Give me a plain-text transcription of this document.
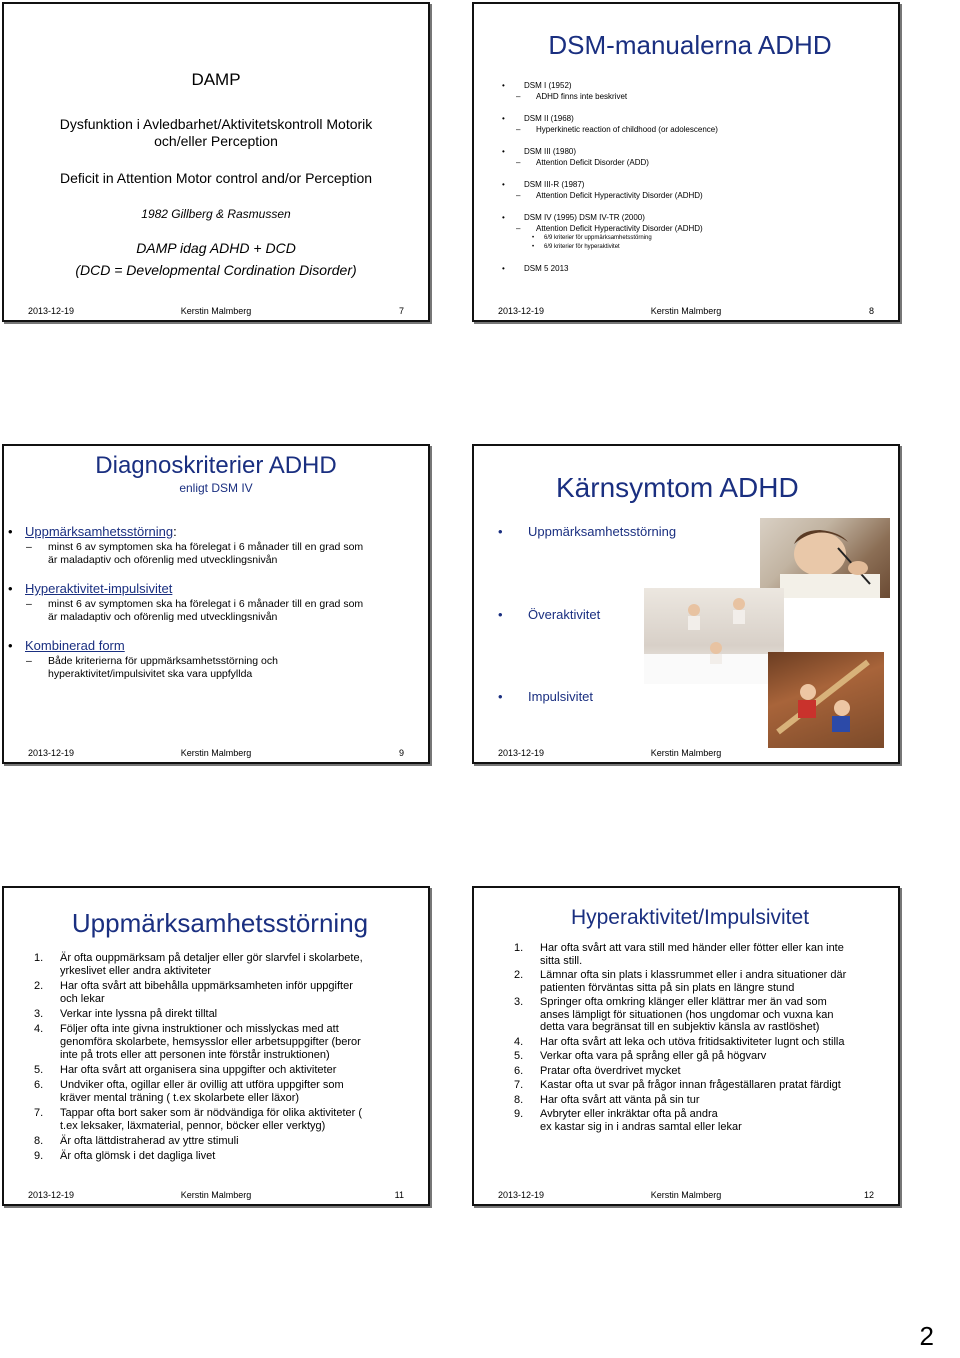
DAMP
Dysfunktion i Avledbarhet/Aktivitetskontroll Motorik
och/eller Perception
Deficit in Attention Motor control and/or Perception
1982 Gillberg & Rasmussen
DAMP idag ADHD + DCD
(DCD = Developmental Cordination Disorder)
2013-12-19	Kerstin Malmberg	7
DSM-manualerna ADHD
• DSM I (1952)
– ADHD finns inte beskrivet
• DSM II (1968)
– Hyperkinetic reaction of childhood (or adolescence)
• DSM III (1980)
– Attention Deficit Disorder (ADD)
• DSM III-R (1987)
– Attention Deficit Hyperactivity Disorder (ADHD)
• DSM IV (1995) DSM IV-TR (2000)
– Attention Deficit Hyperactivity Disorder (ADHD)
• 6/9 kriterier för uppmärksamhetsstörning
• 6/9 kriterier för hyperaktivitet
• DSM 5 2013
2013-12-19	Kerstin Malmberg	8
Diagnoskriterier ADHD
enligt DSM IV
• Uppmärksamhetsstörning:
– minst 6 av symptomen ska ha förelegat i 6 månader till en grad som
är maladaptiv och oförenlig med utvecklingsnivån
• Hyperaktivitet-impulsivitet
– minst 6 av symptomen ska ha förelegat i 6 månader till en grad som
är maladaptiv och oförenlig med utvecklingsnivån
• Kombinerad form
– Både kriterierna för uppmärksamhetsstörning och
hyperaktivitet/impulsivitet ska vara uppfyllda
2013-12-19	Kerstin Malmberg	9
Kärnsymtom ADHD
• Uppmärksamhetsstörning
• Överaktivitet
• Impulsivitet
2013-12-19	Kerstin Malmberg
Uppmärksamhetsstörning
1. Är ofta ouppmärksam på detaljer eller gör slarvfel i skolarbete,
yrkeslivet eller andra aktiviteter
2. Har ofta svårt att bibehålla uppmärksamheten inför uppgifter
och lekar
3. Verkar inte lyssna på direkt tilltal
4. Följer ofta inte givna instruktioner och misslyckas med att
genomföra skolarbete, hemsysslor eller arbetsuppgifter (beror
inte på trots eller att personen inte förstår instruktionen)
5. Har ofta svårt att organisera sina uppgifter och aktiviteter
6. Undviker ofta, ogillar eller är ovillig att utföra uppgifter som
kräver mental träning ( t.ex skolarbete eller läxor)
7. Tappar ofta bort saker som är nödvändiga för olika aktiviteter (
t.ex leksaker, läxmaterial, pennor, böcker eller verktyg)
8. Är ofta lättdistraherad av yttre stimuli
9. Är ofta glömsk i det dagliga livet
2013-12-19	Kerstin Malmberg	11
Hyperaktivitet/Impulsivitet
1. Har ofta svårt att vara still med händer eller fötter eller kan inte
sitta still.
2. Lämnar ofta sin plats i klassrummet eller i andra situationer där
patienten förväntas sitta på sin plats en längre stund
3. Springer ofta omkring klänger eller klättrar mer än vad som
anses lämpligt för situationen (hos ungdomar och vuxna kan
detta vara begränsat till en subjektiv känsla av rastlöshet)
4. Har ofta svårt att leka och utöva fritidsaktiviteter lugnt och stilla
5. Verkar ofta vara på språng eller gå på högvarv
6. Pratar ofta överdrivet mycket
7. Kastar ofta ut svar på frågor innan frågeställaren pratat färdigt
8. Har ofta svårt att vänta på sin tur
9. Avbryter eller inkräktar ofta på andra
ex kastar sig in i andras samtal eller lekar
2013-12-19	Kerstin Malmberg	12
2
